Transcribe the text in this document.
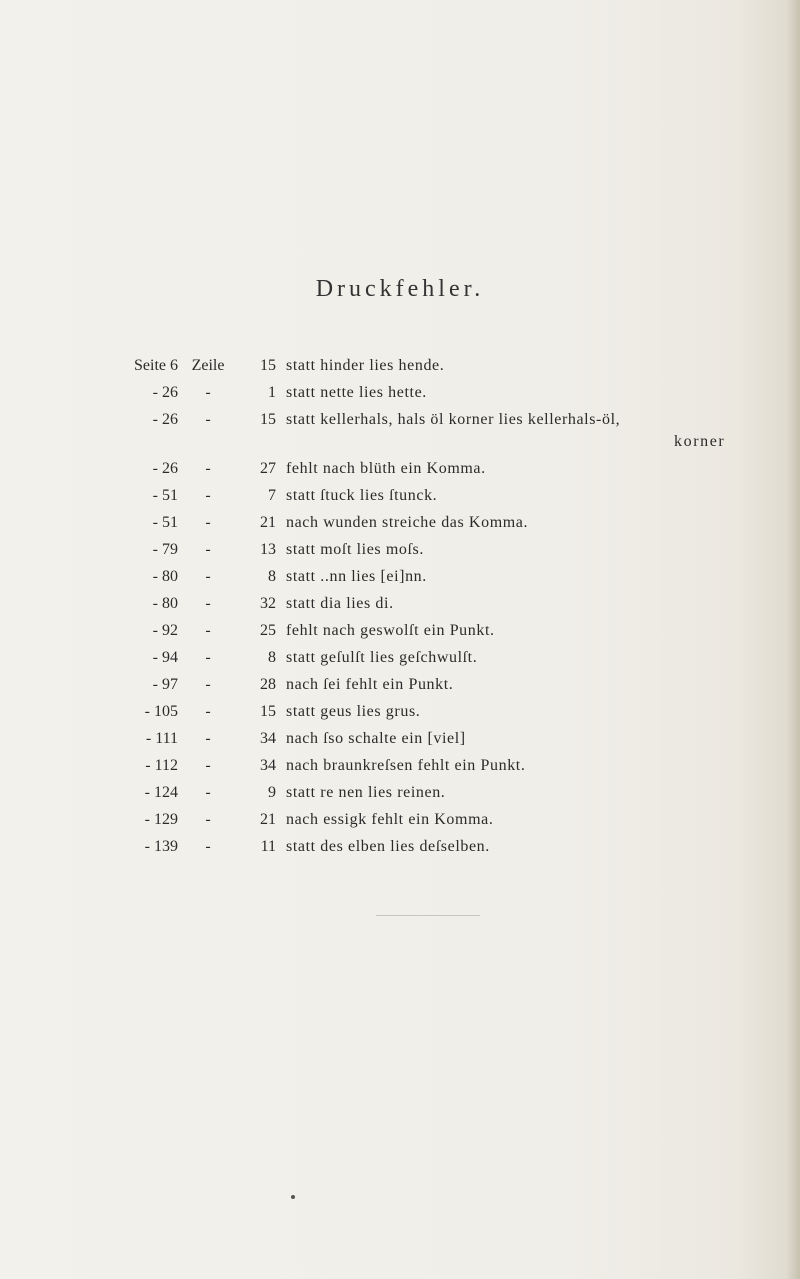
Druckfehler.
Seite 6 Zeile	15 statt hinder lies hende.
- 26	-	1 statt nette lies hette.
- 26	-	15 statt kellerhals, hals öl korner lies kellerhals-öl,
korner
- 26	-	27 fehlt nach blüth ein Komma.
- 51	-	7 statt ſtuck lies ſtunck.
- 51	-	21 nach wunden streiche das Komma.
- 79	-	13 statt moſt lies moſs.
- 80	-	8 statt ..nn lies [ei]nn.
- 80	-	32 statt dia lies di.
- 92	-	25 fehlt nach geswolſt ein Punkt.
- 94	-	8 statt geſulſt lies geſchwulſt.
- 97	-	28 nach ſei fehlt ein Punkt.
- 105	-	15 statt geus lies grus.
- 111	-	34 nach ſso schalte ein [viel]
- 112	-	34 nach braunkreſsen fehlt ein Punkt.
- 124	-	9 statt re nen lies reinen.
- 129	-	21 nach essigk fehlt ein Komma.
- 139	-	11 statt des elben lies deſselben.
